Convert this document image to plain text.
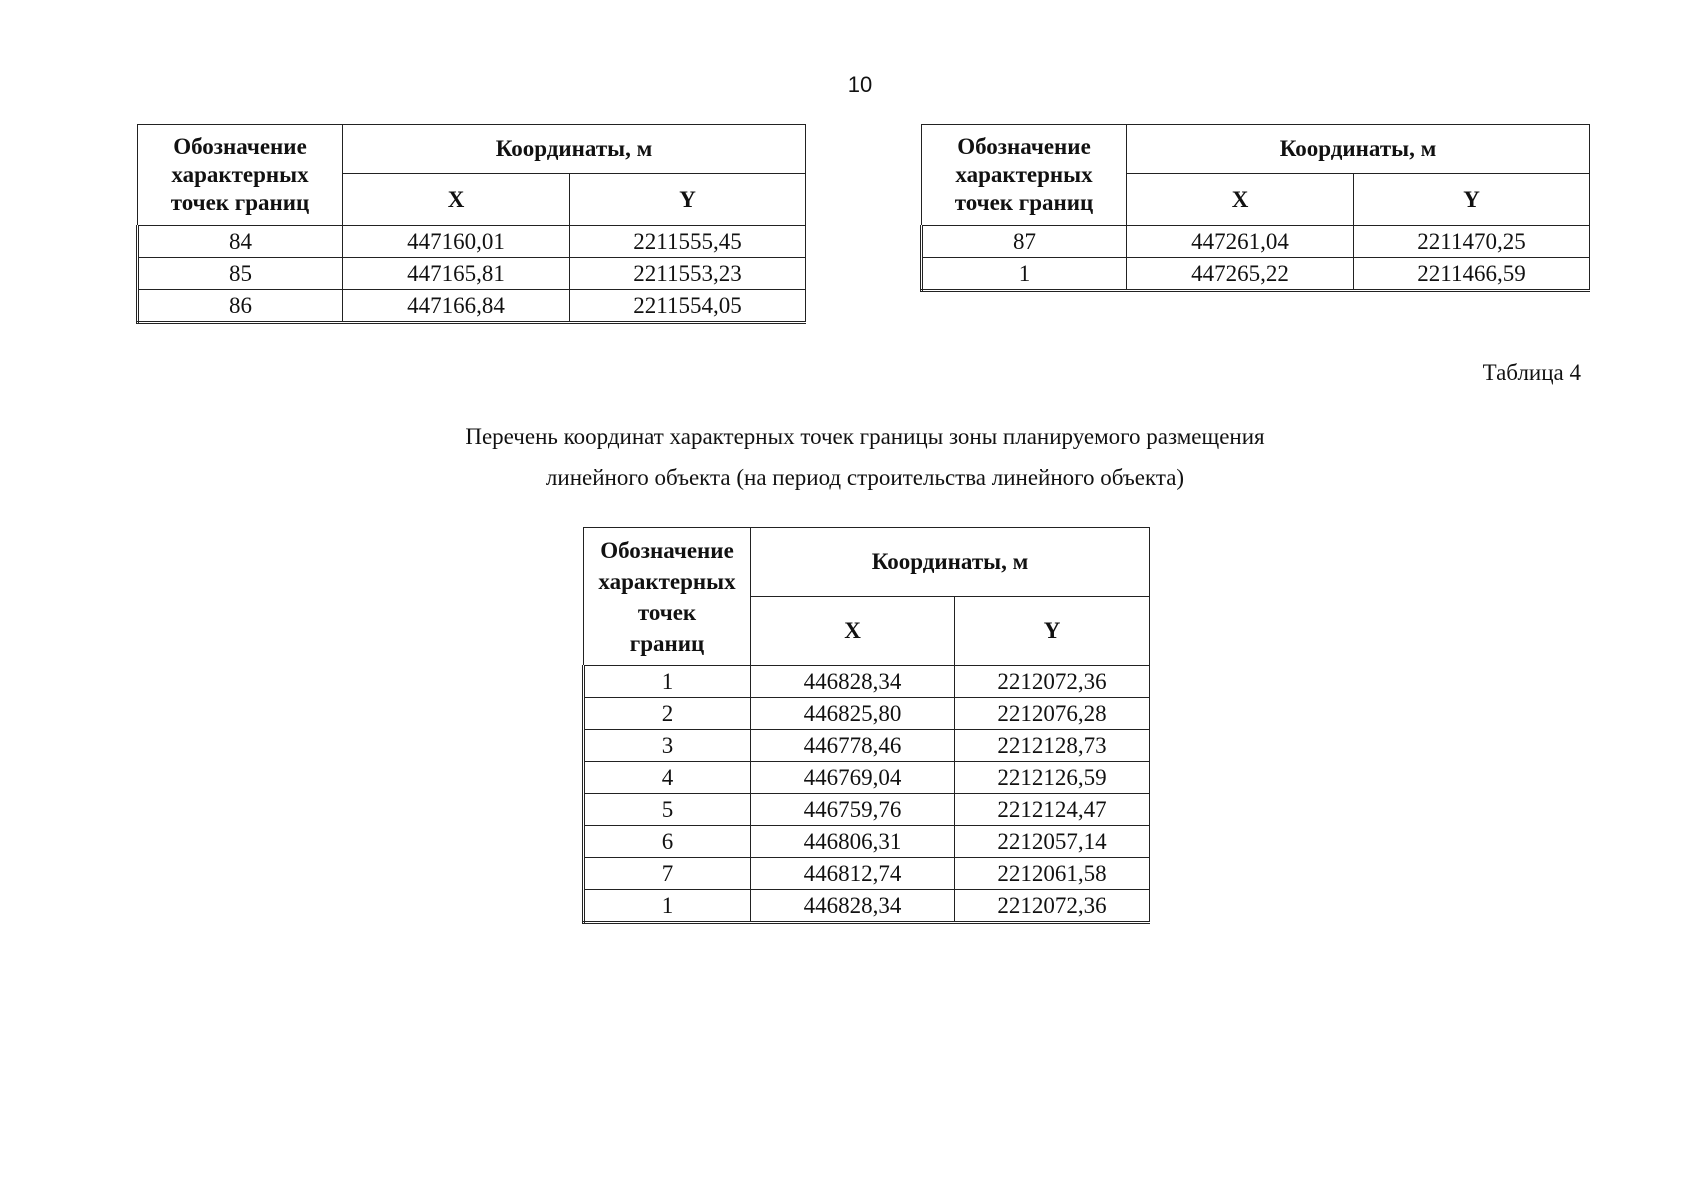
10
Обозначение
характерных
точек границ	Координаты, м	
	X	Y
84	447160,01	2211555,45
85	447165,81	2211553,23
86	447166,84	2211554,05
Обозначение
характерных
точек границ	Координаты, м	
	X	Y
87	447261,04	2211470,25
1	447265,22	2211466,59
Таблица 4
Перечень координат характерных точек границы зоны планируемого размещения
линейного объекта (на период строительства линейного объекта)
Обозначение
характерных
точек
границ	Координаты, м	
	X	Y
1	446828,34	2212072,36
2	446825,80	2212076,28
3	446778,46	2212128,73
4	446769,04	2212126,59
5	446759,76	2212124,47
6	446806,31	2212057,14
7	446812,74	2212061,58
1	446828,34	2212072,36
